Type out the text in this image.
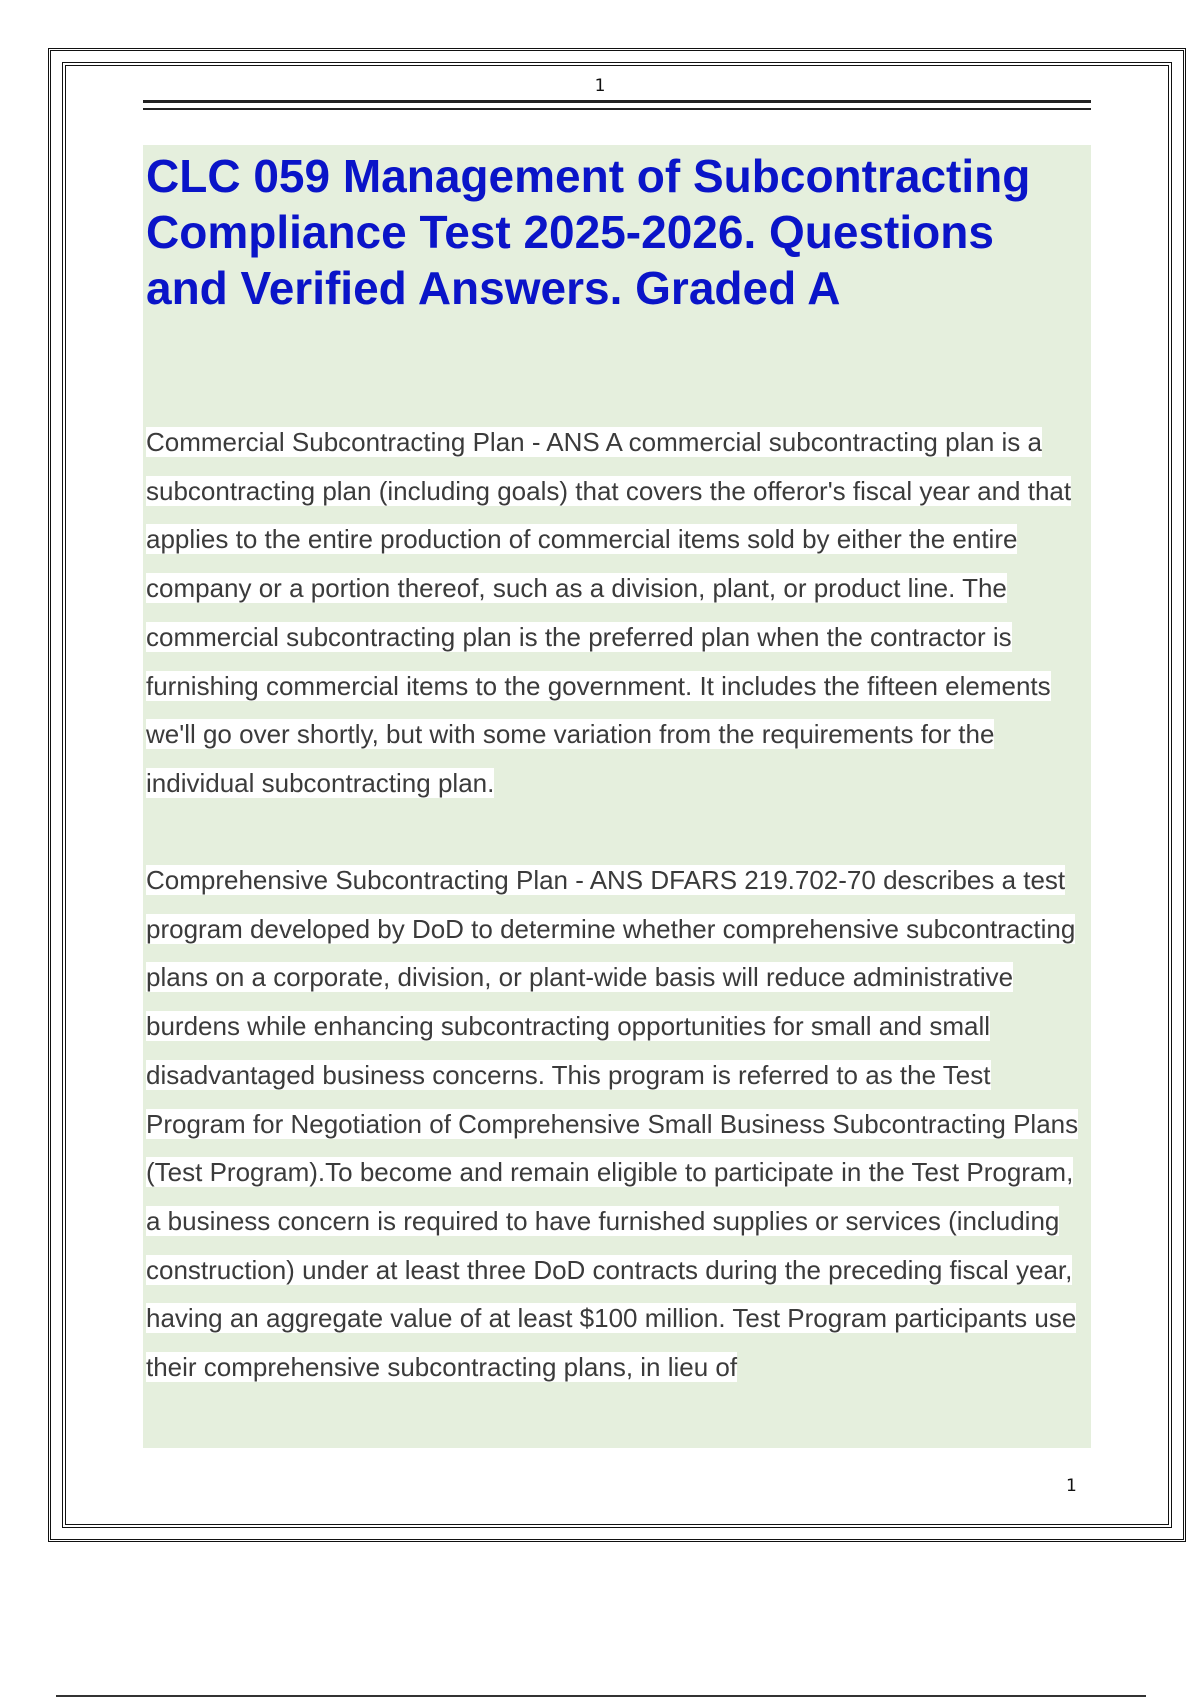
1
CLC 059 Management of Subcontracting Compliance Test 2025-2026. Questions and Verified Answers. Graded A

Commercial Subcontracting Plan - ANS A commercial subcontracting plan is a subcontracting plan (including goals) that covers the offeror's fiscal year and that applies to the entire production of commercial items sold by either the entire company or a portion thereof, such as a division, plant, or product line. The commercial subcontracting plan is the preferred plan when the contractor is furnishing commercial items to the government. It includes the fifteen elements we'll go over shortly, but with some variation from the requirements for the individual subcontracting plan.

Comprehensive Subcontracting Plan - ANS DFARS 219.702-70 describes a test program developed by DoD to determine whether comprehensive subcontracting plans on a corporate, division, or plant-wide basis will reduce administrative burdens while enhancing subcontracting opportunities for small and small disadvantaged business concerns. This program is referred to as the Test Program for Negotiation of Comprehensive Small Business Subcontracting Plans (Test Program).To become and remain eligible to participate in the Test Program, a business concern is required to have furnished supplies or services (including construction) under at least three DoD contracts during the preceding fiscal year, having an aggregate value of at least $100 million. Test Program participants use their comprehensive subcontracting plans, in lieu of

1
